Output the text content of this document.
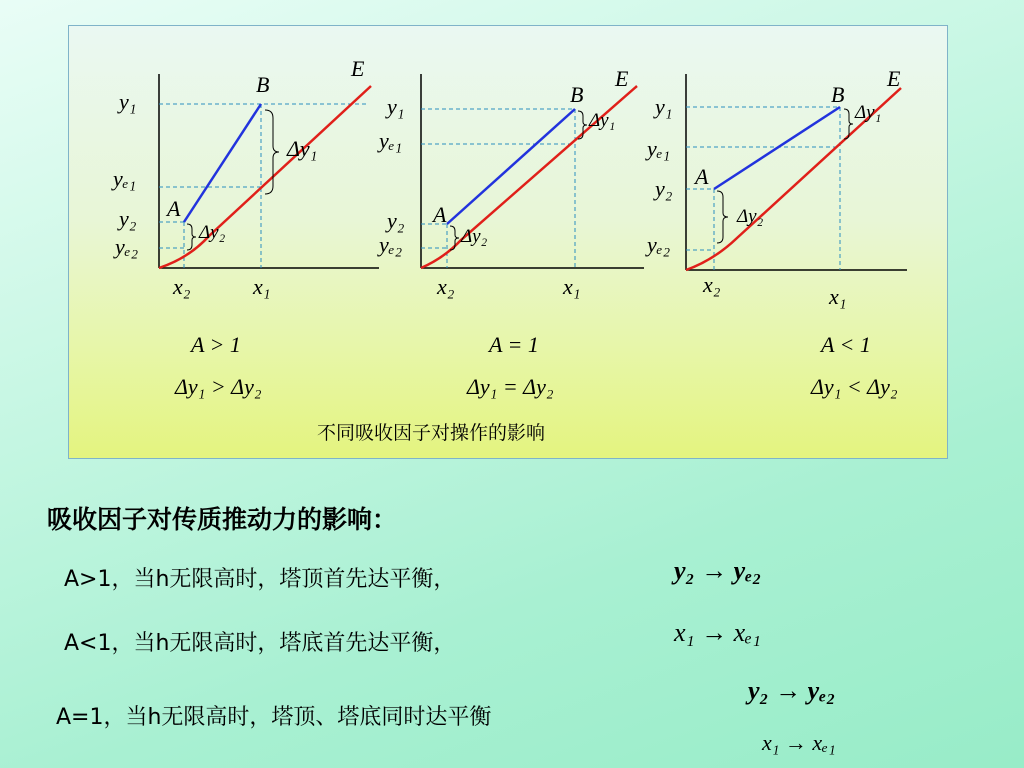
E
B
A
y₁
yₑ₁
y₂
yₑ₂
x₂	x₁
Δy₁
Δy₂
E
B
A
y₁
yₑ₁
y₂
yₑ₂
x₂	x₁
Δy₁
Δy₂
E
B
A
y₁
yₑ₁
y₂
yₑ₂
x₂	x₁
Δy₁
Δy₂
A > 1	A = 1	A < 1
Δy₁ > Δy₂	Δy₁ = Δy₂	Δy₁ < Δy₂
不同吸收因子对操作的影响
吸收因子对传质推动力的影响：
A>1，当h无限高时，塔顶首先达平衡，	y₂ → yₑ₂
A<1，当h无限高时，塔底首先达平衡，	x₁ → xₑ₁
A=1，当h无限高时，塔顶、塔底同时达平衡
y₂ → yₑ₂
x₁ → xₑ₁
